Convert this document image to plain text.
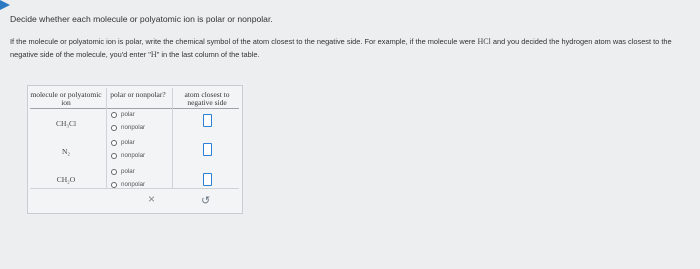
Decide whether each molecule or polyatomic ion is polar or nonpolar.
If the molecule or polyatomic ion is polar, write the chemical symbol of the atom closest to the negative side. For example, if the molecule were HCl and you decided the hydrogen atom was closest to the negative side of the molecule, you'd enter "H" in the last column of the table.
molecule or polyatomic ion
polar or nonpolar?	atom closest to negative side
CH₃Cl
polar
nonpolar
N₂
polar
nonpolar
CH₂O
polar
nonpolar
×	↺
